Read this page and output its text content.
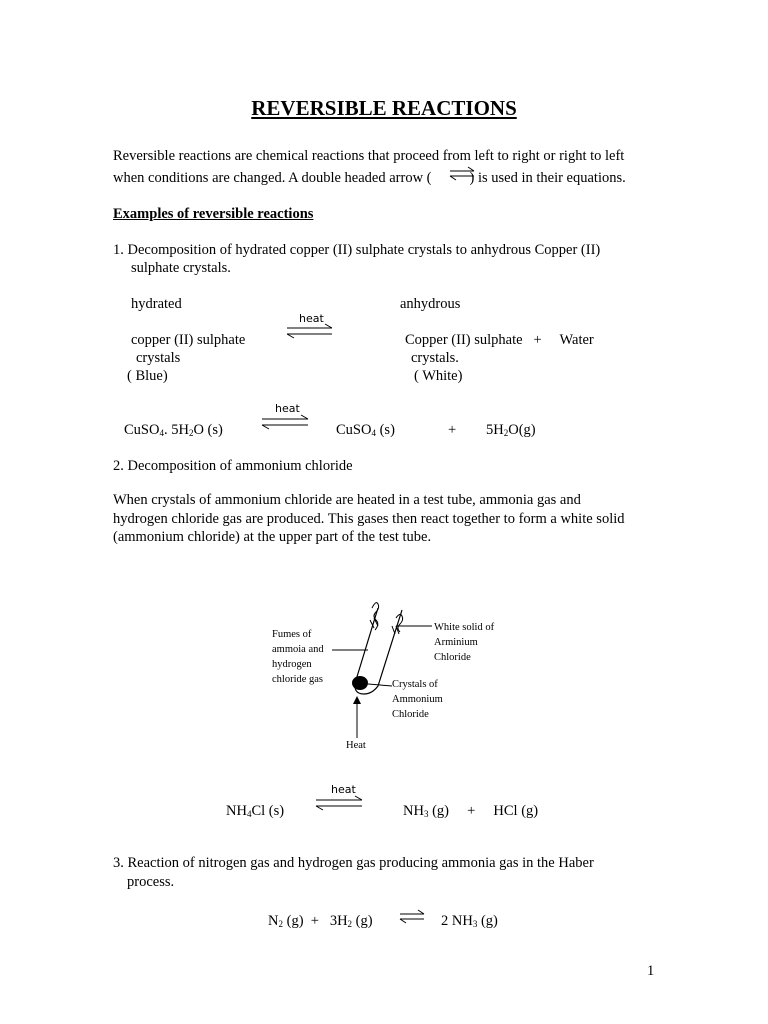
REVERSIBLE REACTIONS
Reversible reactions are chemical reactions that proceed from left to right or right to left
when conditions are changed. A double headed arrow (	) is used in their equations.
Examples of reversible reactions
1. Decomposition of hydrated copper (II) sulphate crystals to anhydrous Copper (II)
sulphate crystals.
hydrated	anhydrous
heat
copper (II) sulphate	Copper (II) sulphate   +     Water
crystals	crystals.
( Blue)	( White)
heat
CuSO$_4$. $5H_2O$ (s)	CuSO$_4$ (s)	+ $5H_2O(g)$
2. Decomposition of ammonium chloride
When crystals of ammonium chloride are heated in a test tube, ammonia gas and
hydrogen chloride gas are produced. This gases then react together to form a white solid
(ammonium chloride) at the upper part of the test tube.
Fumes of ammoia and hydrogen chloride gas
White solid of Arminium Chloride
Crystals of Ammonium Chloride
Heat
heat
$NH_4Cl$ (s)	$NH_3$ (g)     +     HCl (g)
3. Reaction of nitrogen gas and hydrogen gas producing ammonia gas in the Haber
process.
$N_2$ $(g) + 3H_2$ (g)	2 $NH_3$ (g)
1
